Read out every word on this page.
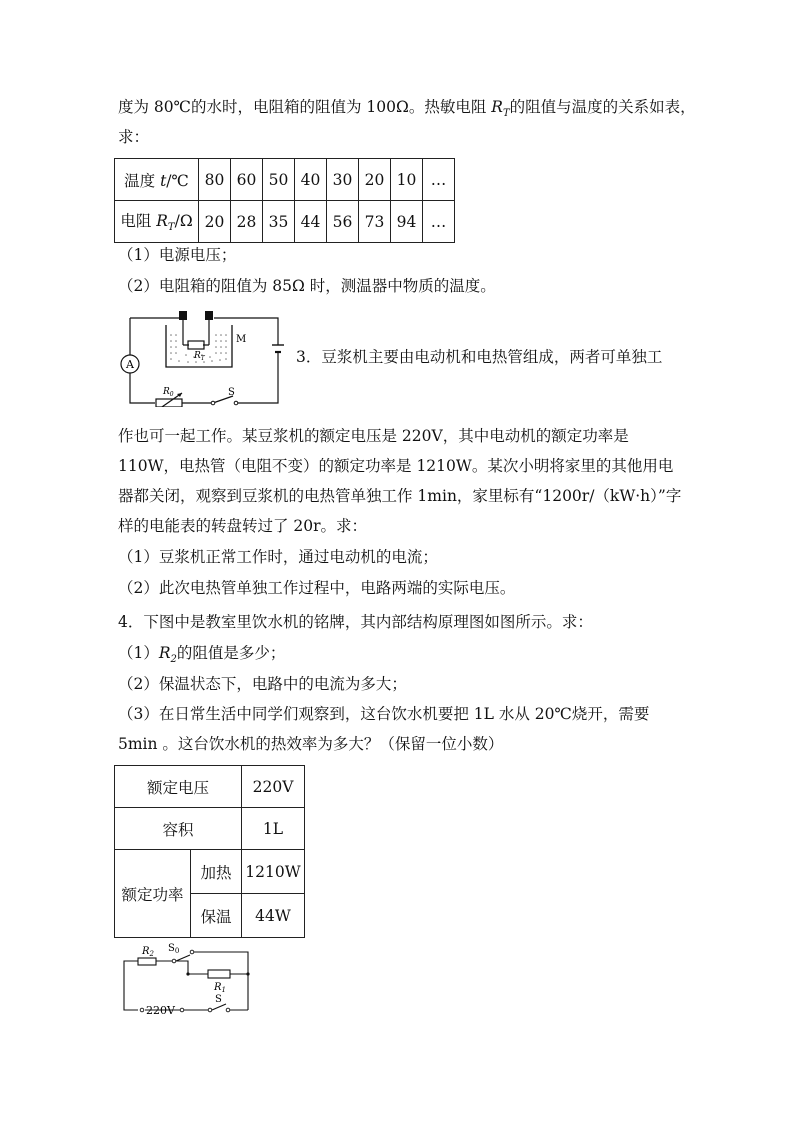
度为 80℃的水时，电阻箱的阻值为 100Ω。热敏电阻 $R_T$的阻值与温度的关系如表，
求：
温度 t/℃	80	60	50	40	30	20	10	…
电阻 $R_T/\Omega$	20	28	35	44	56	73	94	…
（1）电源电压；
（2）电阻箱的阻值为 85Ω 时，测温器中物质的温度。
A
M
$R_T$
$R_0$	S
3．豆浆机主要由电动机和电热管组成，两者可单独工
作也可一起工作。某豆浆机的额定电压是 220V，其中电动机的额定功率是
110W，电热管（电阻不变）的额定功率是 1210W。某次小明将家里的其他用电
器都关闭，观察到豆浆机的电热管单独工作 1min，家里标有“1200r/（kW·h）”字
样的电能表的转盘转过了 20r。求：
（1）豆浆机正常工作时，通过电动机的电流；
（2）此次电热管单独工作过程中，电路两端的实际电压。
4．下图中是教室里饮水机的铭牌，其内部结构原理图如图所示。求：
$(1)R_2$的阻值是多少；
（2）保温状态下，电路中的电流为多大；
（3）在日常生活中同学们观察到，这台饮水机要把 1L 水从 20℃烧开，需要
5min 。这台饮水机的热效率为多大？（保留一位小数）
额定电压		220V
容积		1L
额定功率	加热	1210W
	保温	44W
$R_2$ $S_0$
$R_1$
S
220V
